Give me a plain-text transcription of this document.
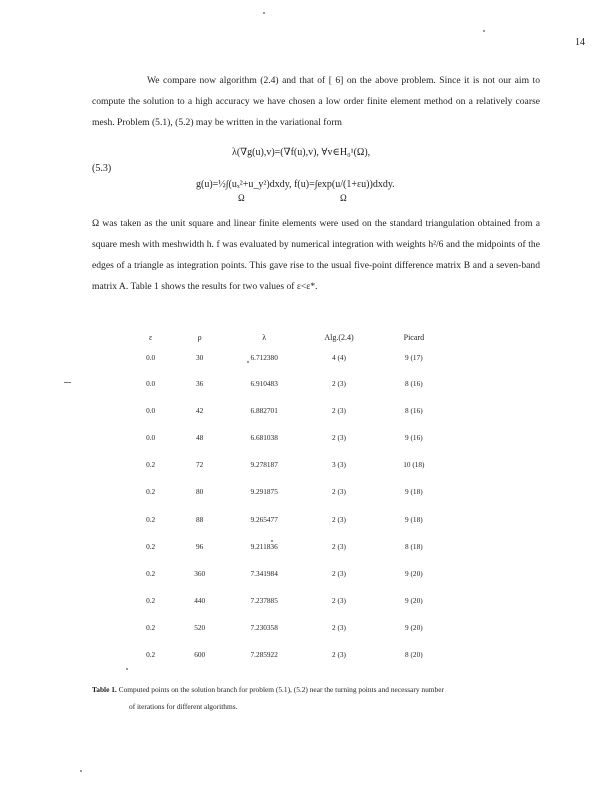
14

We compare now algorithm (2.4) and that of [ 6] on the above problem. Since it is not our aim to compute the solution to a high accuracy we have chosen a low order finite element method on a relatively coarse mesh. Problem (5.1), (5.2) may be written in the variational form

λ(∇g(u),v)=(∇f(u),v), ∀v∈H₀¹(Ω),
(5.3)
g(u)=½∫(uₓ²+u_y²)dxdy, f(u)=∫exp(u/(1+εu))dxdy.
Ω	Ω

Ω was taken as the unit square and linear finite elements were used on the standard triangulation obtained from a square mesh with meshwidth h. f was evaluated by numerical integration with weights h²/6 and the midpoints of the edges of a triangle as integration points. This gave rise to the usual five-point difference matrix B and a seven-band matrix A. Table 1 shows the results for two values of ε<ε*.

ε	ρ	λ	Alg.(2.4)	Picard
0.0	30	6.712380	4 (4)	9 (17)
0.0	36	6.910483	2 (3)	8 (16)
0.0	42	6.882701	2 (3)	8 (16)
0.0	48	6.681038	2 (3)	9 (16)
0.2	72	9.278187	3 (3)	10 (18)
0.2	80	9.291875	2 (3)	9 (18)
0.2	88	9.265477	2 (3)	9 (18)
0.2	96	9.211836	2 (3)	8 (18)
0.2	360	7.341984	2 (3)	9 (20)
0.2	440	7.237885	2 (3)	9 (20)
0.2	520	7.230358	2 (3)	9 (20)
0.2	600	7.285922	2 (3)	8 (20)
Table 1. Computed points on the solution branch for problem (5.1), (5.2) near the turning points and necessary number
of iterations for different algorithms.
